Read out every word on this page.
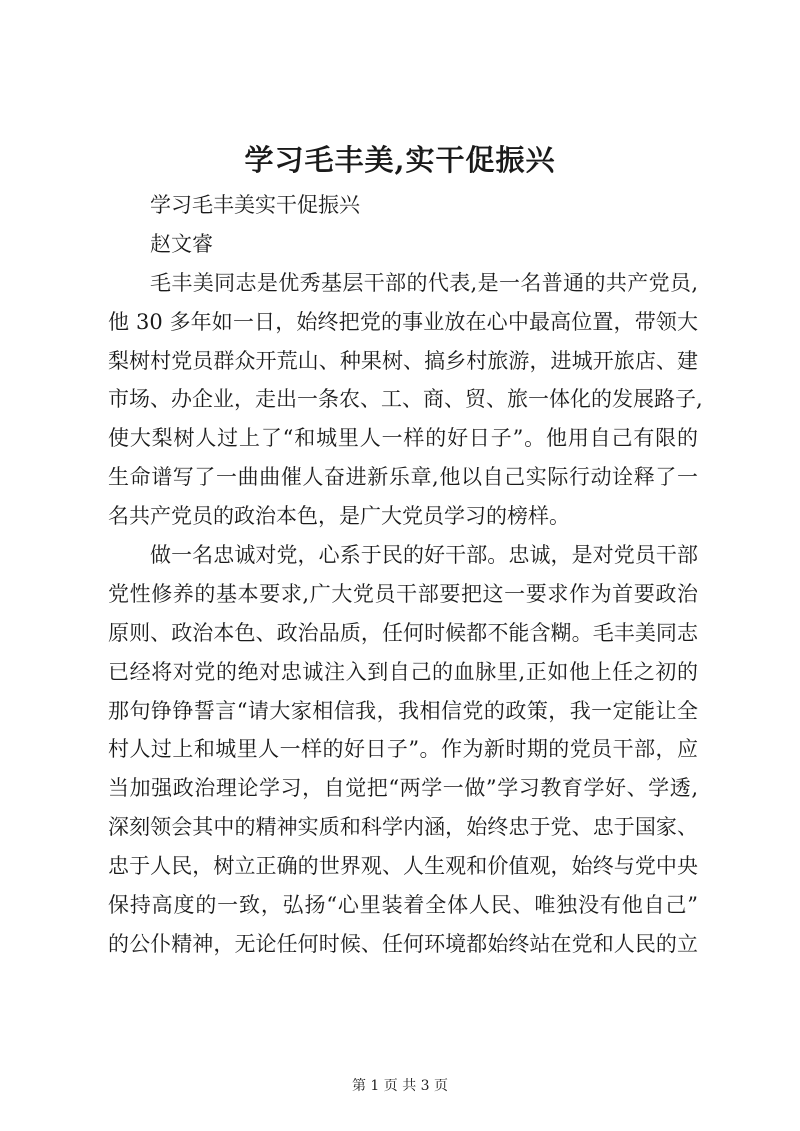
学习毛丰美,实干促振兴
学习毛丰美实干促振兴
赵文睿
毛丰美同志是优秀基层干部的代表,是一名普通的共产党员,
他 30 多年如一日，始终把党的事业放在心中最高位置，带领大
梨树村党员群众开荒山、种果树、搞乡村旅游，进城开旅店、建
市场、办企业，走出一条农、工、商、贸、旅一体化的发展路子,
使大梨树人过上了“和城里人一样的好日子”。他用自己有限的
生命谱写了一曲曲催人奋进新乐章,他以自己实际行动诠释了一
名共产党员的政治本色，是广大党员学习的榜样。
做一名忠诚对党，心系于民的好干部。忠诚，是对党员干部
党性修养的基本要求,广大党员干部要把这一要求作为首要政治
原则、政治本色、政治品质，任何时候都不能含糊。毛丰美同志
已经将对党的绝对忠诚注入到自己的血脉里,正如他上任之初的
那句铮铮誓言“请大家相信我，我相信党的政策，我一定能让全
村人过上和城里人一样的好日子”。作为新时期的党员干部，应
当加强政治理论学习，自觉把“两学一做”学习教育学好、学透,
深刻领会其中的精神实质和科学内涵，始终忠于党、忠于国家、
忠于人民，树立正确的世界观、人生观和价值观，始终与党中央
保持高度的一致，弘扬“心里装着全体人民、唯独没有他自己”
的公仆精神，无论任何时候、任何环境都始终站在党和人民的立
第 1 页 共 3 页
